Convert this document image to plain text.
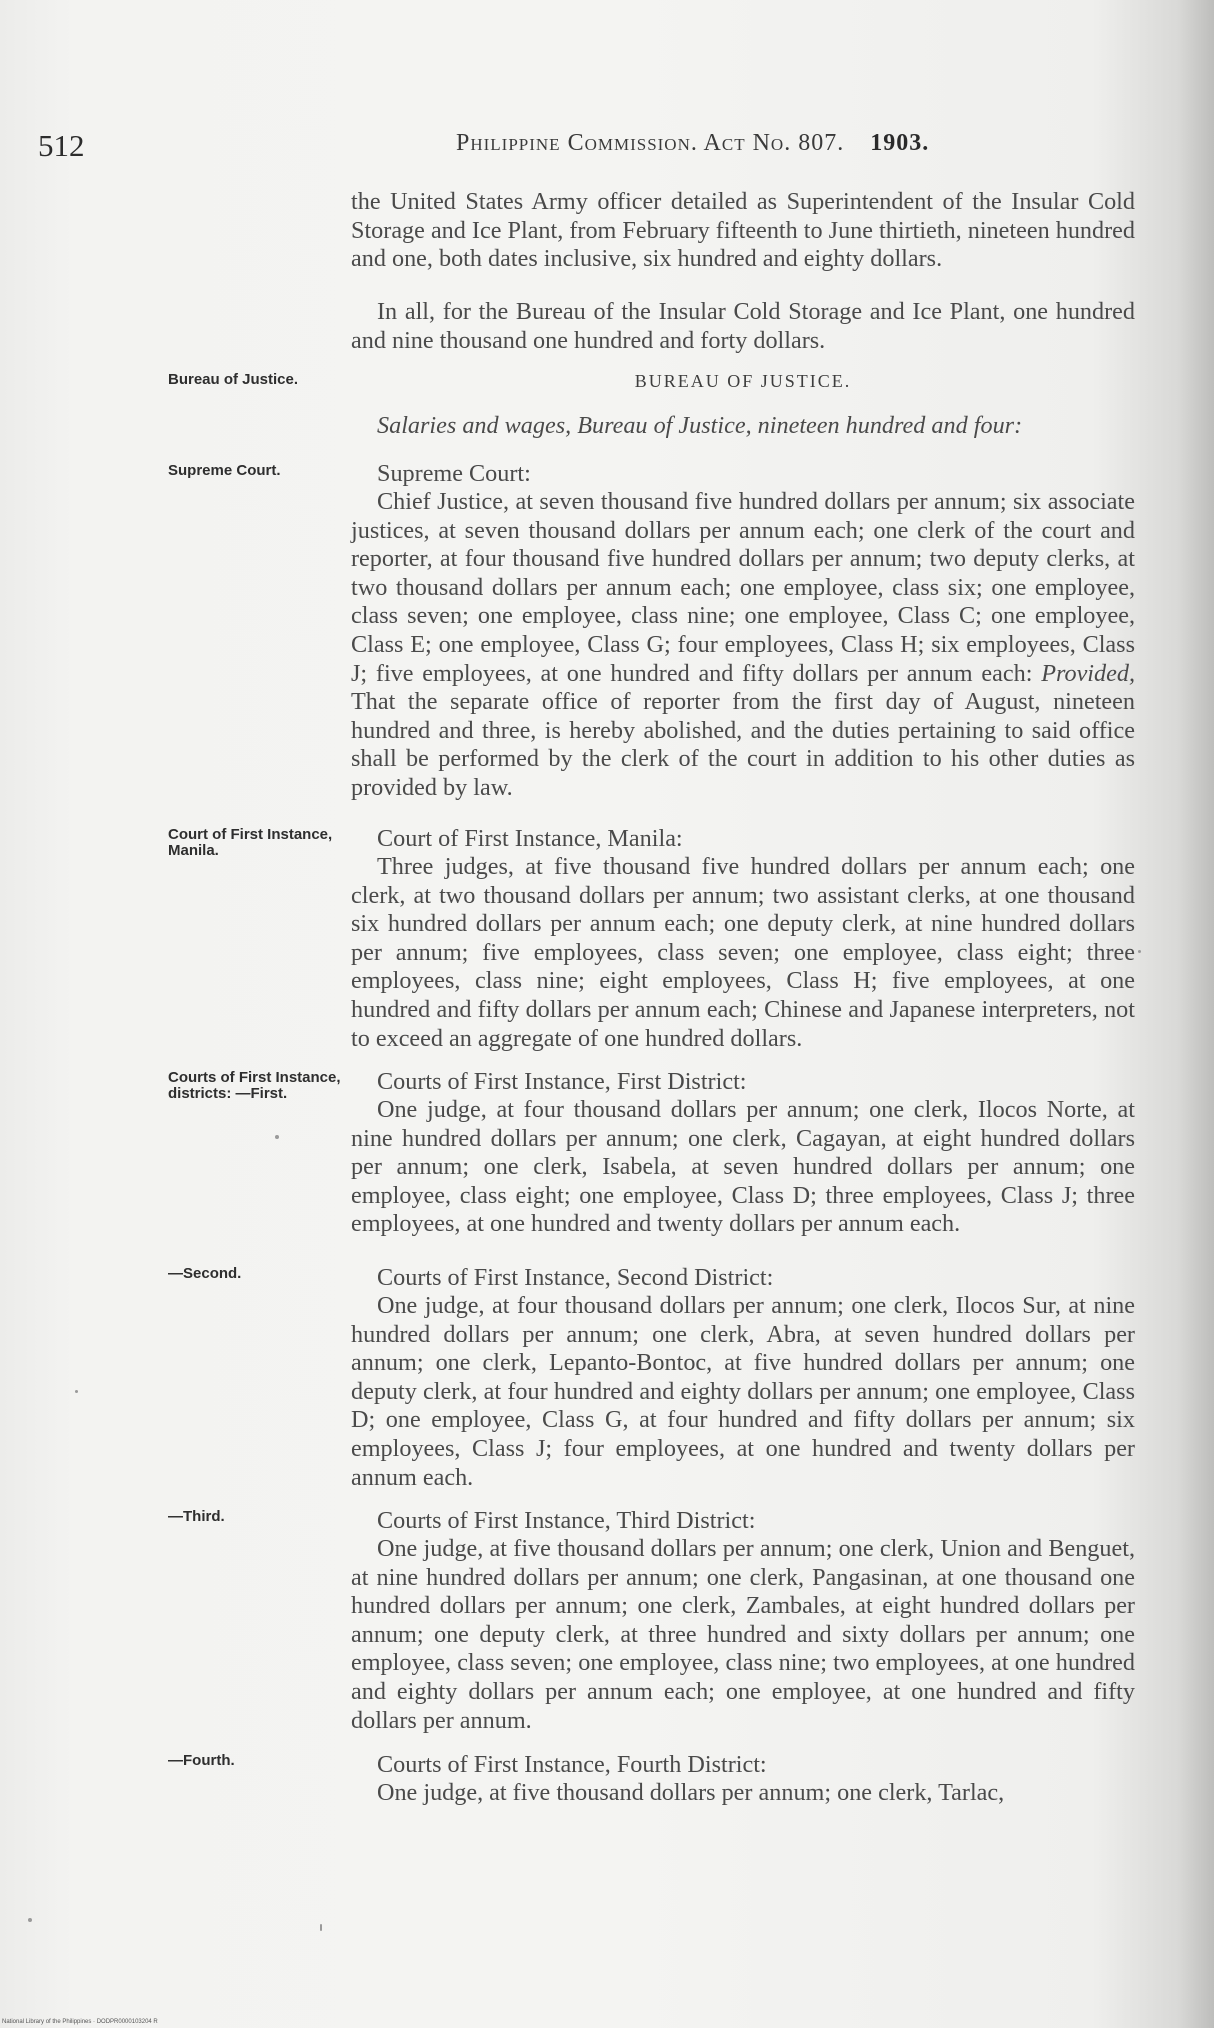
512	Philippine Commission. Act No. 807. 1903.

the United States Army officer detailed as Superintendent of the Insular Cold Storage and Ice Plant, from February fifteenth to June thirtieth, nineteen hundred and one, both dates inclusive, six hundred and eighty dollars.

In all, for the Bureau of the Insular Cold Storage and Ice Plant, one hundred and nine thousand one hundred and forty dollars.

Bureau of Justice.	BUREAU OF JUSTICE.

Salaries and wages, Bureau of Justice, nineteen hundred and four:

Supreme Court.	Supreme Court:

Chief Justice, at seven thousand five hundred dollars per annum; six associate justices, at seven thousand dollars per annum each; one clerk of the court and reporter, at four thousand five hundred dollars per annum; two deputy clerks, at two thousand dollars per annum each; one employee, class six; one employee, class seven; one employee, class nine; one employee, Class C; one employee, Class E; one employee, Class G; four employees, Class H; six employees, Class J; five employees, at one hundred and fifty dollars per annum each: Provided, That the separate office of reporter from the first day of August, nineteen hundred and three, is hereby abolished, and the duties pertaining to said office shall be performed by the clerk of the court in addition to his other duties as provided by law.

Court of First Instance, Manila.	Court of First Instance, Manila:

Three judges, at five thousand five hundred dollars per annum each; one clerk, at two thousand dollars per annum; two assistant clerks, at one thousand six hundred dollars per annum each; one deputy clerk, at nine hundred dollars per annum; five employees, class seven; one employee, class eight; three employees, class nine; eight employees, Class H; five employees, at one hundred and fifty dollars per annum each; Chinese and Japanese interpreters, not to exceed an aggregate of one hundred dollars.

Courts of First Instance, districts: —First.	Courts of First Instance, First District:

One judge, at four thousand dollars per annum; one clerk, Ilocos Norte, at nine hundred dollars per annum; one clerk, Cagayan, at eight hundred dollars per annum; one clerk, Isabela, at seven hundred dollars per annum; one employee, class eight; one employee, Class D; three employees, Class J; three employees, at one hundred and twenty dollars per annum each.

—Second.	Courts of First Instance, Second District:

One judge, at four thousand dollars per annum; one clerk, Ilocos Sur, at nine hundred dollars per annum; one clerk, Abra, at seven hundred dollars per annum; one clerk, Lepanto-Bontoc, at five hundred dollars per annum; one deputy clerk, at four hundred and eighty dollars per annum; one employee, Class D; one employee, Class G, at four hundred and fifty dollars per annum; six employees, Class J; four employees, at one hundred and twenty dollars per annum each.

—Third.	Courts of First Instance, Third District:

One judge, at five thousand dollars per annum; one clerk, Union and Benguet, at nine hundred dollars per annum; one clerk, Pangasinan, at one thousand one hundred dollars per annum; one clerk, Zambales, at eight hundred dollars per annum; one deputy clerk, at three hundred and sixty dollars per annum; one employee, class seven; one employee, class nine; two employees, at one hundred and eighty dollars per annum each; one employee, at one hundred and fifty dollars per annum.

—Fourth.	Courts of First Instance, Fourth District:

One judge, at five thousand dollars per annum; one clerk, Tarlac,

National Library of the Philippines · DODPR0000103204 R
